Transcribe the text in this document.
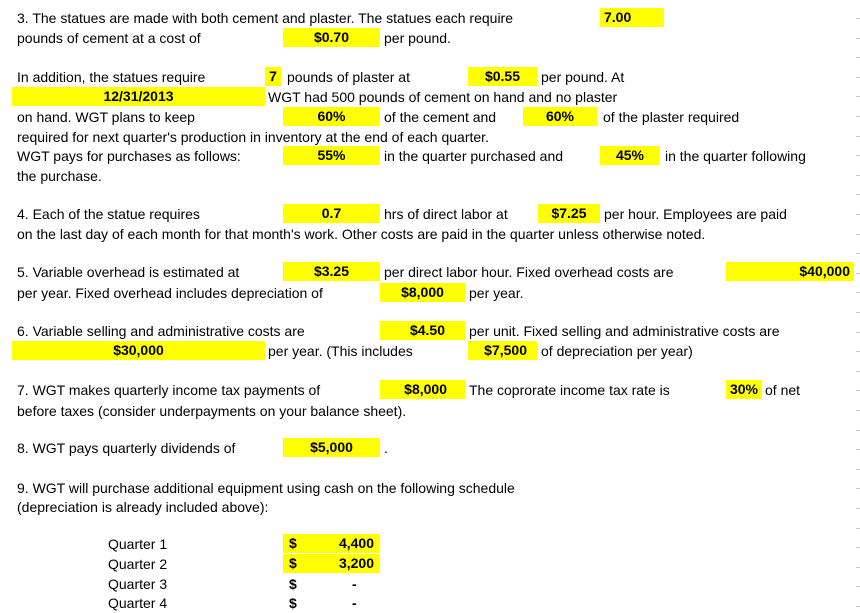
3. The statues are made with both cement and plaster. The statues each require	7.00
pounds of cement at a cost of	$0.70	per pound.
In addition, the statues require	7 pounds of plaster at	$0.55	per pound. At
12/31/2013	WGT had 500 pounds of cement on hand and no plaster
on hand. WGT plans to keep	60%	of the cement and	60%	of the plaster required
required for next quarter's production in inventory at the end of each quarter.
WGT pays for purchases as follows:	55%	in the quarter purchased and	45%	in the quarter following
the purchase.
4. Each of the statue requires	0.7	hrs of direct labor at	$7.25	per hour. Employees are paid
on the last day of each month for that month's work. Other costs are paid in the quarter unless otherwise noted.
5. Variable overhead is estimated at	$3.25	per direct labor hour. Fixed overhead costs are	$40,000
per year. Fixed overhead includes depreciation of	$8,000	per year.
6. Variable selling and administrative costs are	$4.50	per unit. Fixed selling and administrative costs are
$30,000	per year. (This includes	$7,500	of depreciation per year)
7. WGT makes quarterly income tax payments of	$8,000	The coprorate income tax rate is	30% of net
before taxes (consider underpayments on your balance sheet).
8. WGT pays quarterly dividends of	$5,000	.
9. WGT will purchase additional equipment using cash on the following schedule
(depreciation is already included above):
Quarter 1	$	4,400
Quarter 2	$	3,200
Quarter 3	$	-
Quarter 4	$	-
